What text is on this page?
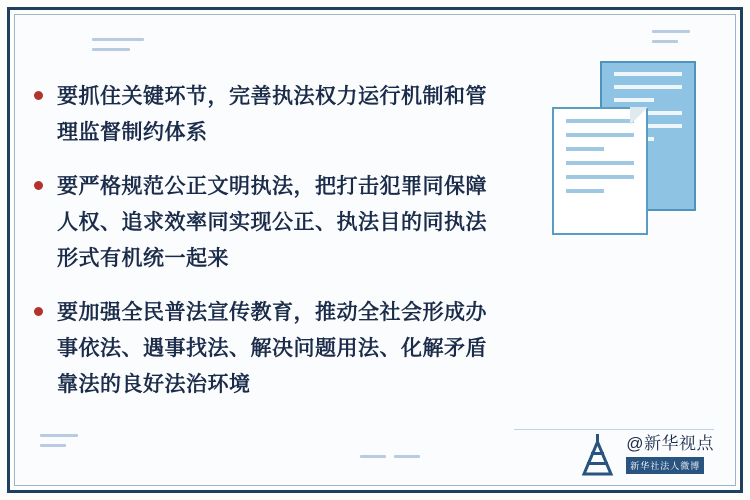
要抓住关键环节，完善执法权力运行机制和管理监督制约体系
要严格规范公正文明执法，把打击犯罪同保障人权、追求效率同实现公正、执法目的同执法形式有机统一起来
要加强全民普法宣传教育，推动全社会形成办事依法、遇事找法、解决问题用法、化解矛盾靠法的良好法治环境
@新华视点
新华社法人微博
